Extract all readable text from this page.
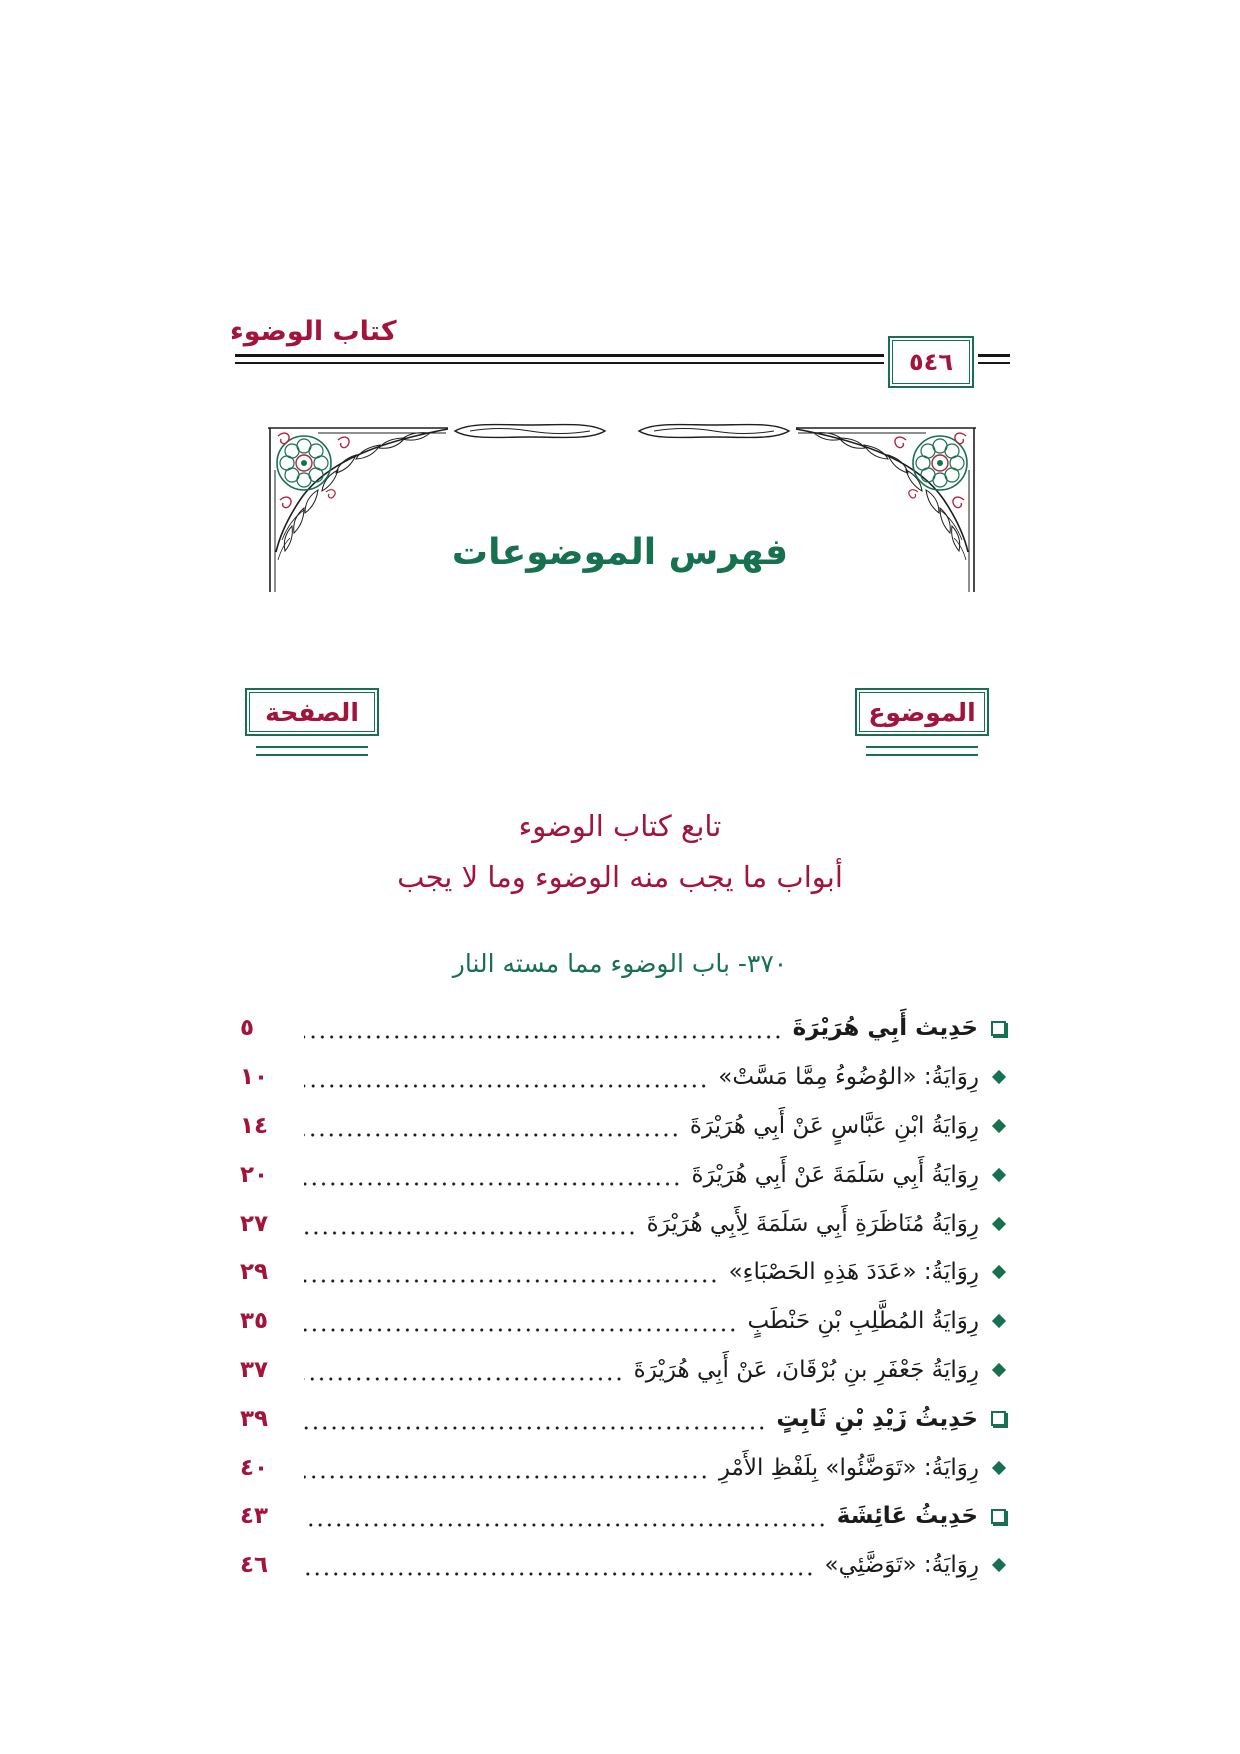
كتاب الوضوء
٥٤٦
فهرس الموضوعات
الصفحة	الموضوع
تابع كتاب الوضوء
أبواب ما يجب منه الوضوء وما لا يجب
٣٧٠- باب الوضوء مما مسته النار
حَدِيث أَبِي هُرَيْرَةَ
٥
رِوَايَةُ: «الوُضُوءُ مِمَّا مَسَّتْ»
١٠
رِوَايَةُ ابْنِ عَبَّاسٍ عَنْ أَبِي هُرَيْرَةَ
١٤
رِوَايَةُ أَبِي سَلَمَةَ عَنْ أَبِي هُرَيْرَةَ
٢٠
رِوَايَةُ مُنَاظَرَةِ أَبِي سَلَمَةَ لِأَبِي هُرَيْرَةَ
٢٧
رِوَايَةُ: «عَدَدَ هَذِهِ الحَصْبَاءِ»
٢٩
رِوَايَةُ المُطَّلِبِ بْنِ حَنْطَبٍ
٣٥
رِوَايَةُ جَعْفَرِ بنِ بُرْقَانَ، عَنْ أَبِي هُرَيْرَةَ
٣٧
حَدِيثُ زَيْدِ بْنِ ثَابِتٍ
٣٩
رِوَايَةُ: «تَوَضَّئُوا» بِلَفْظِ الأَمْرِ
٤٠
حَدِيثُ عَائِشَةَ
٤٣
رِوَايَةُ: «تَوَضَّئِي»
٤٦
